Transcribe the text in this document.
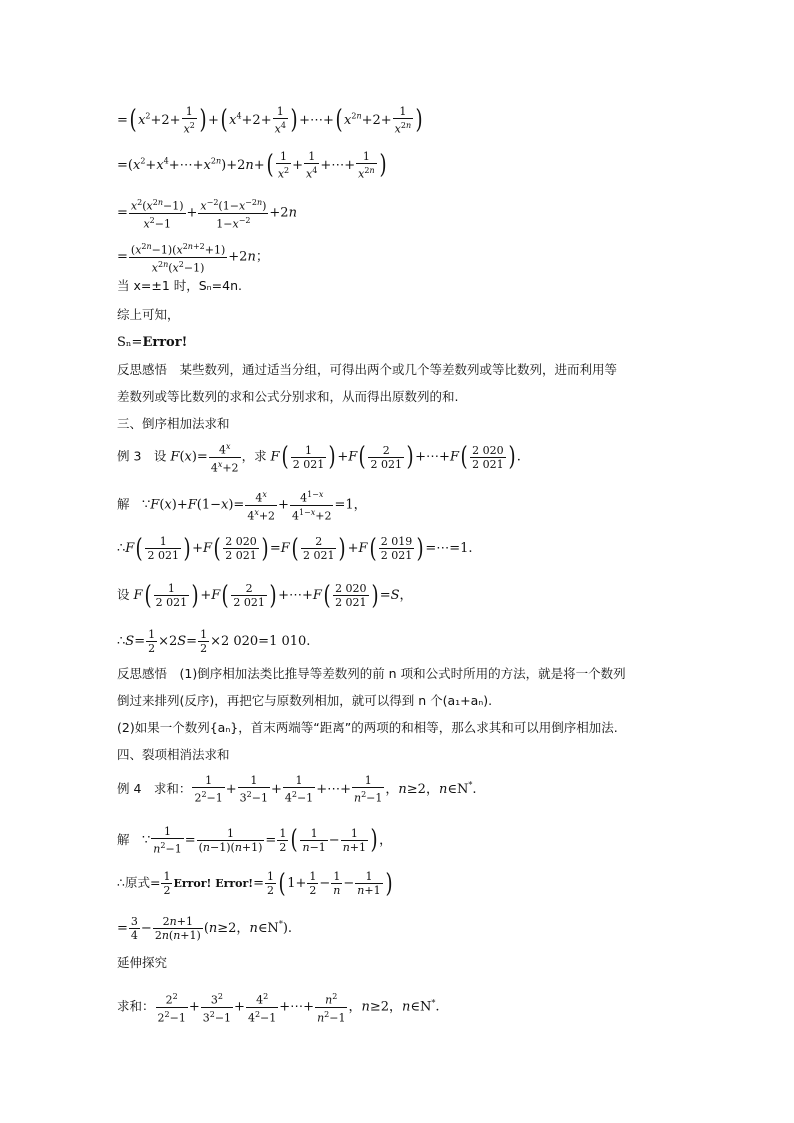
=( $x^2+2+ \frac{1}{x^2}$ ) +( $x^4+2+ \frac{1}{x^4}$ ) +⋯+( $x^{2n}+2+ \frac{1}{x^{2n}}$ )
$=(x^2+x^4+\cdots+x^{2n})+2n+( \frac{1}{x^2} + \frac{1}{x^4}$ +⋯+ $\frac{1}{x^{2n}}$ )
= $\frac{x^2(x^{2n}-1)}{x^2-1} + \frac{x^{-2}(1-x^{-2n})}{1-x^{-2}} +2n$
= $\frac{(x^{2n}-1)(x^{2n+2}+1)}{x^{2n}(x^2-1)} +2n$；
当 x=±1 时，Sₙ=4n.
综上可知，
Sₙ=Error!
反思感悟　某些数列，通过适当分组，可得出两个或几个等差数列或等比数列，进而利用等
差数列或等比数列的求和公式分别求和，从而得出原数列的和.
三、倒序相加法求和
例 3　设 $F(x)= \frac{4^x}{4^x+2}$ ，求 $F( \frac{1}{2 021}$ ) $+F( \frac{2}{2 021}$ ) +⋯+F( $\frac{2 020}{2 021}$ ) .
解　∵F(x)+F(1−x)= $\frac{4^x}{4^x+2} + \frac{4^{1-x}}{4^{1-x}+2} =1$，
∴F( $\frac{1}{2 021}$ ) $+F( \frac{2 020}{2 021}$ ) $=F( \frac{2}{2 021}$ ) $+F( \frac{2 019}{2 021}$ ) =⋯=1.
设 $F( \frac{1}{2 021}$ ) $+F( \frac{2}{2 021}$ ) +⋯+F( $\frac{2 020}{2 021}$ ) =S，
∴S= $\frac{1}{2} \times 2S= \frac{1}{2} \times 2$ 020=1 010.
反思感悟　(1)倒序相加法类比推导等差数列的前 n 项和公式时所用的方法，就是将一个数列
倒过来排列(反序)，再把它与原数列相加，就可以得到 n 个(a₁+aₙ).
(2)如果一个数列{aₙ}，首末两端等“距离”的两项的和相等，那么求其和可以用倒序相加法.
四、裂项相消法求和
例 4　求和： $\frac{1}{2^2-1} + \frac{1}{3^2-1} + \frac{1}{4^2-1}$ +⋯+ $\frac{1}{n^2-1}$ ，n≥2，n∈N*.
解　∵ $\frac{1}{n^2-1} = \frac{1}{(n-1)(n+1)} = \frac{1}{2}$ ( $\frac{1}{n-1} - \frac{1}{n+1}$ ) ，
∴原式= $\frac{1}{2}$ Error! Error!= $\frac{1}{2}$ ( $1+ \frac{1}{2} - \frac{1}{n} - \frac{1}{n+1}$ )
= $\frac{3}{4} - \frac{2n+1}{2n(n+1)} (n\ge 2$，n∈N*).
延伸探究
求和： $\frac{2^2}{2^2-1} + \frac{3^2}{3^2-1} + \frac{4^2}{4^2-1}$ +⋯+ $\frac{n^2}{n^2-1}$ ，n≥2，n∈N*.
